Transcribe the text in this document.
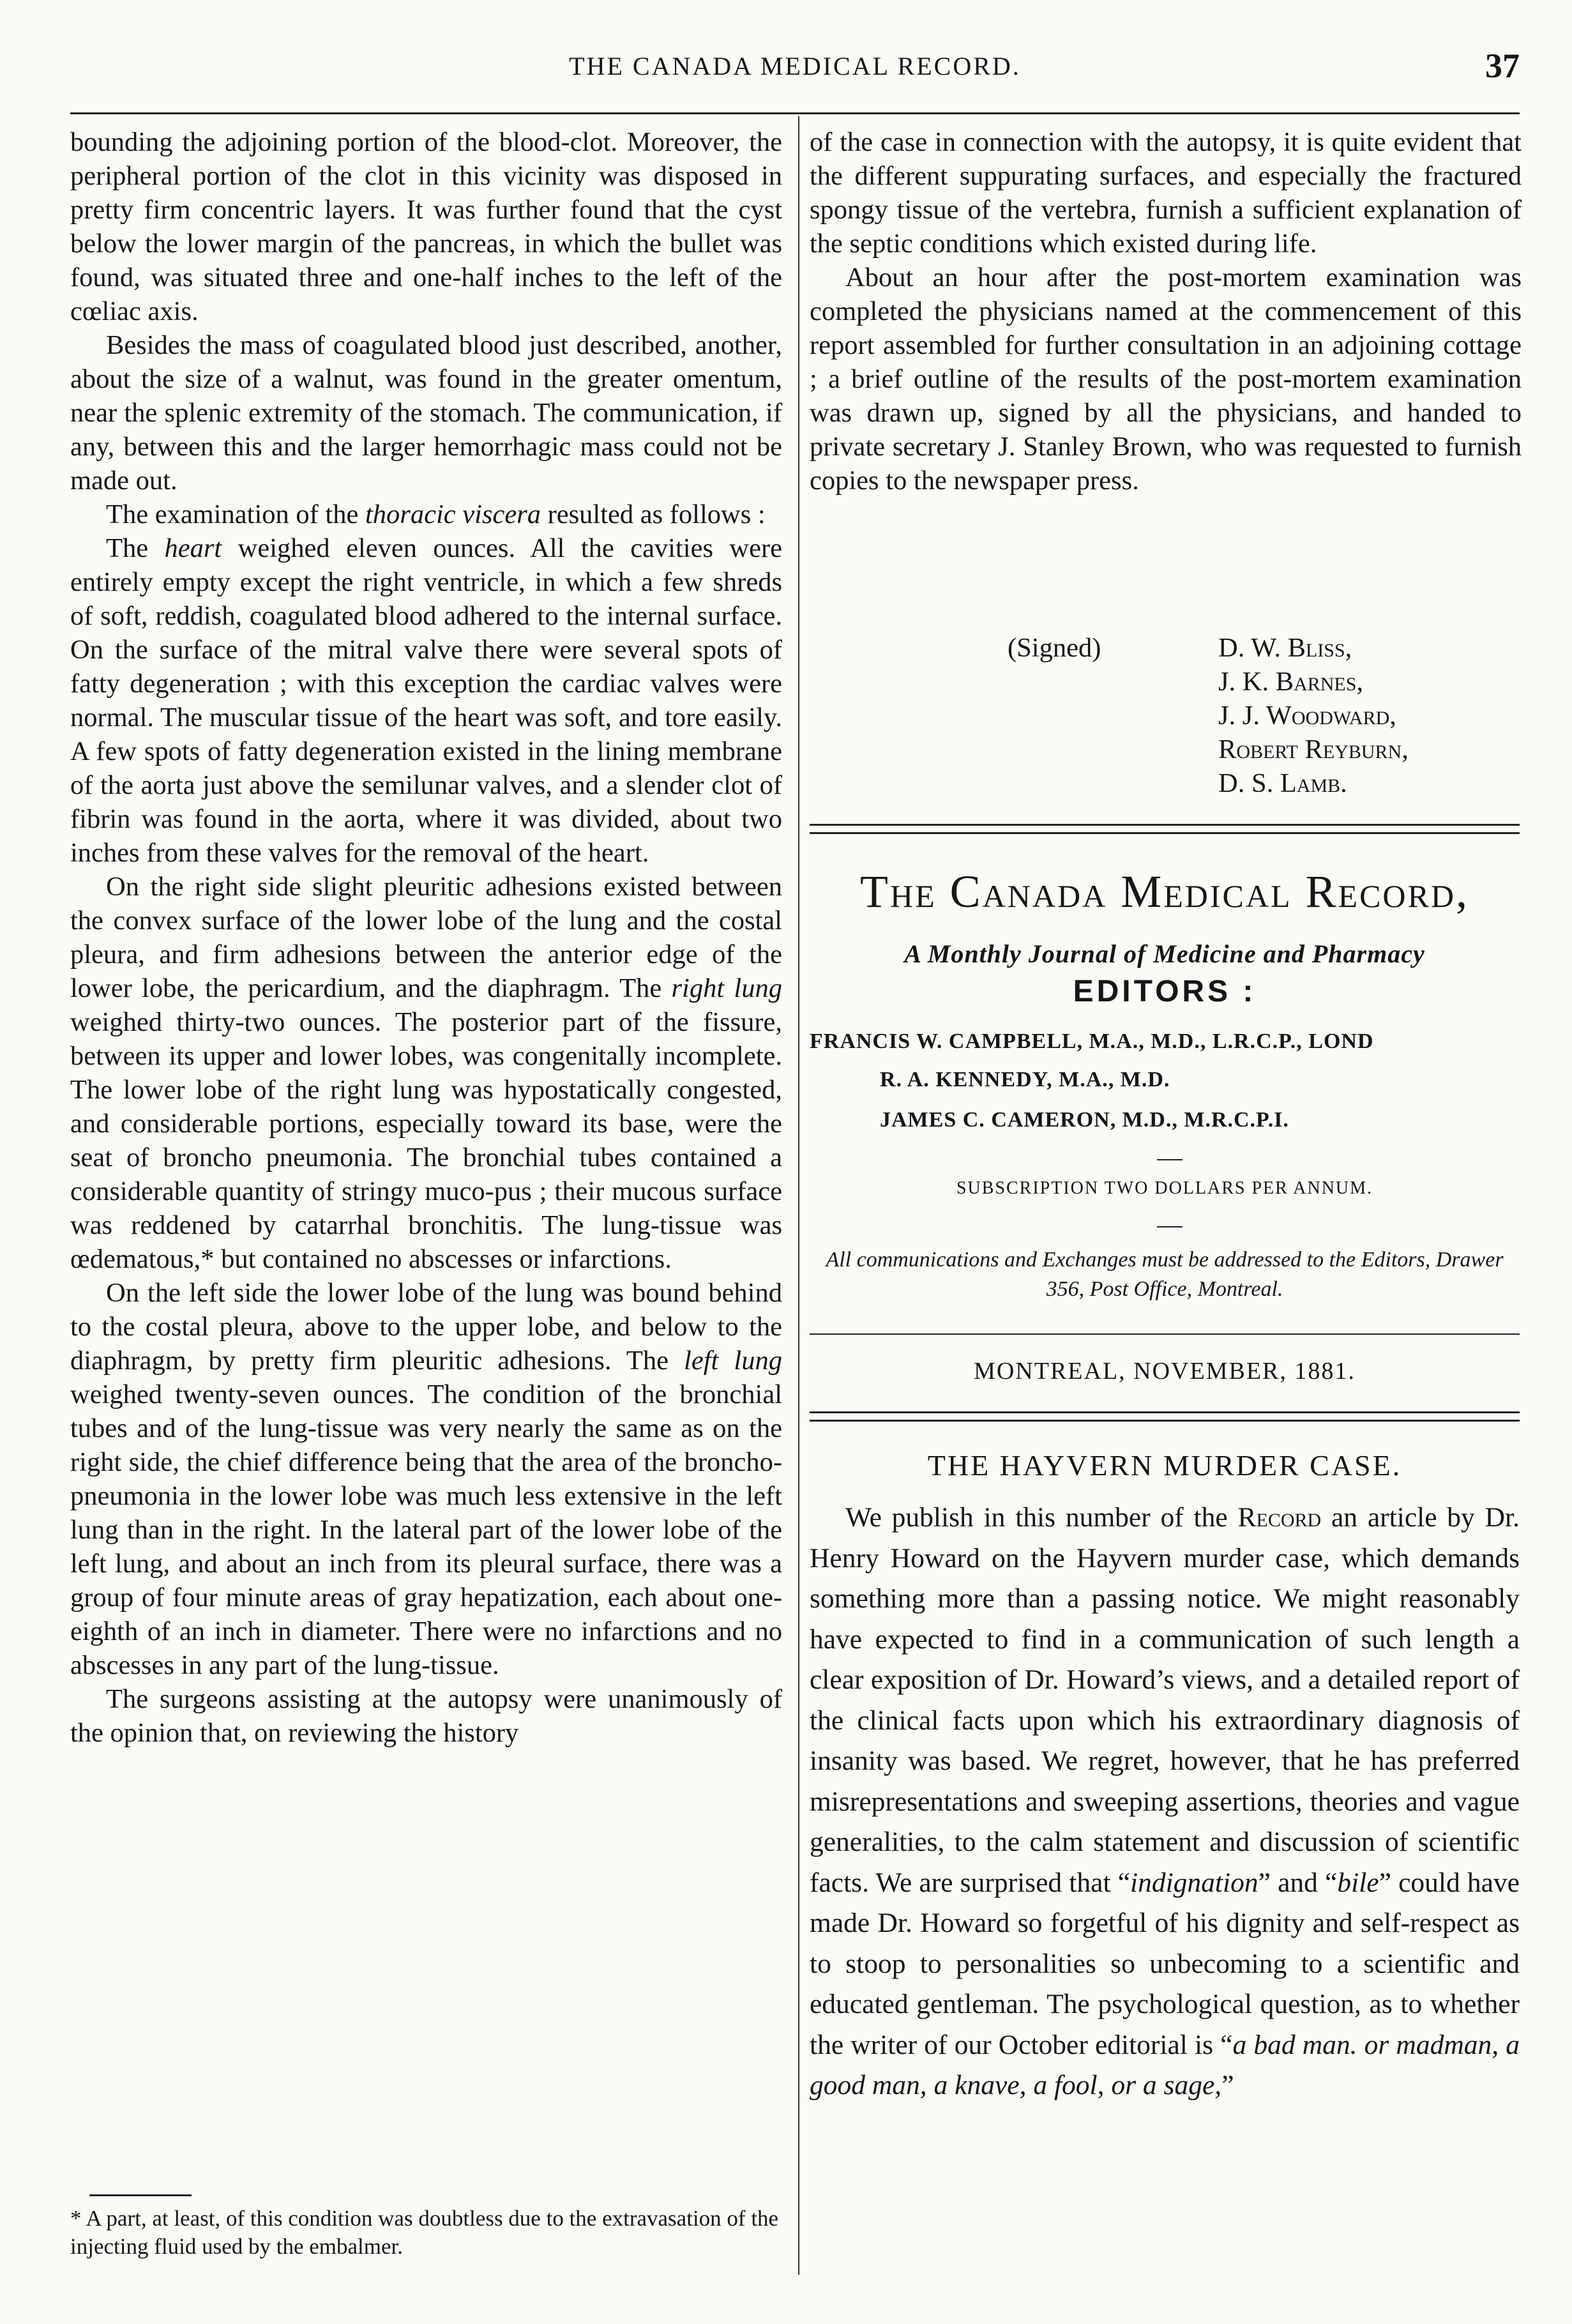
THE CANADA MEDICAL RECORD.	37

bounding the adjoining portion of the blood-clot. Moreover, the peripheral portion of the clot in this vicinity was disposed in pretty firm concentric layers. It was further found that the cyst below the lower margin of the pancreas, in which the bullet was found, was situated three and one-half inches to the left of the cœliac axis.

Besides the mass of coagulated blood just described, another, about the size of a walnut, was found in the greater omentum, near the splenic extremity of the stomach. The communication, if any, between this and the larger hemorrhagic mass could not be made out.

The examination of the thoracic viscera resulted as follows :

The heart weighed eleven ounces. All the cavities were entirely empty except the right ventricle, in which a few shreds of soft, reddish, coagulated blood adhered to the internal surface. On the surface of the mitral valve there were several spots of fatty degeneration ; with this exception the cardiac valves were normal. The muscular tissue of the heart was soft, and tore easily. A few spots of fatty degeneration existed in the lining membrane of the aorta just above the semilunar valves, and a slender clot of fibrin was found in the aorta, where it was divided, about two inches from these valves for the removal of the heart.

On the right side slight pleuritic adhesions existed between the convex surface of the lower lobe of the lung and the costal pleura, and firm adhesions between the anterior edge of the lower lobe, the pericardium, and the diaphragm. The right lung weighed thirty-two ounces. The posterior part of the fissure, between its upper and lower lobes, was congenitally incomplete. The lower lobe of the right lung was hypostatically congested, and considerable portions, especially toward its base, were the seat of broncho pneumonia. The bronchial tubes contained a considerable quantity of stringy muco-pus ; their mucous surface was reddened by catarrhal bronchitis. The lung-tissue was œdematous,* but contained no abscesses or infarctions.

On the left side the lower lobe of the lung was bound behind to the costal pleura, above to the upper lobe, and below to the diaphragm, by pretty firm pleuritic adhesions. The left lung weighed twenty-seven ounces. The condition of the bronchial tubes and of the lung-tissue was very nearly the same as on the right side, the chief difference being that the area of the broncho-pneumonia in the lower lobe was much less extensive in the left lung than in the right. In the lateral part of the lower lobe of the left lung, and about an inch from its pleural surface, there was a group of four minute areas of gray hepatization, each about one-eighth of an inch in diameter. There were no infarctions and no abscesses in any part of the lung-tissue.

The surgeons assisting at the autopsy were unanimously of the opinion that, on reviewing the history

* A part, at least, of this condition was doubtless due to the extravasation of the injecting fluid used by the embalmer.

of the case in connection with the autopsy, it is quite evident that the different suppurating surfaces, and especially the fractured spongy tissue of the vertebra, furnish a sufficient explanation of the septic conditions which existed during life.

About an hour after the post-mortem examination was completed the physicians named at the commencement of this report assembled for further consultation in an adjoining cottage ; a brief outline of the results of the post-mortem examination was drawn up, signed by all the physicians, and handed to private secretary J. Stanley Brown, who was requested to furnish copies to the newspaper press.

(Signed)	D. W. Bliss,
J. K. Barnes,
J. J. Woodward,
Robert Reyburn,
D. S. Lamb.
The Canada Medical Record,
A Monthly Journal of Medicine and Pharmacy
EDITORS :
FRANCIS W. CAMPBELL, M.A., M.D., L.R.C.P., LOND
R. A. KENNEDY, M.A., M.D.
JAMES C. CAMERON, M.D., M.R.C.P.I.
SUBSCRIPTION TWO DOLLARS PER ANNUM.
All communications and Exchanges must be addressed to the Editors, Drawer 356, Post Office, Montreal.
MONTREAL, NOVEMBER, 1881.
THE HAYVERN MURDER CASE.

We publish in this number of the Record an article by Dr. Henry Howard on the Hayvern murder case, which demands something more than a passing notice. We might reasonably have expected to find in a communication of such length a clear exposition of Dr. Howard’s views, and a detailed report of the clinical facts upon which his extraordinary diagnosis of insanity was based. We regret, however, that he has preferred misrepresentations and sweeping assertions, theories and vague generalities, to the calm statement and discussion of scientific facts. We are surprised that “indignation” and “bile” could have made Dr. Howard so forgetful of his dignity and self-respect as to stoop to personalities so unbecoming to a scientific and educated gentleman. The psychological question, as to whether the writer of our October editorial is “a bad man. or madman, a good man, a knave, a fool, or a sage,”
